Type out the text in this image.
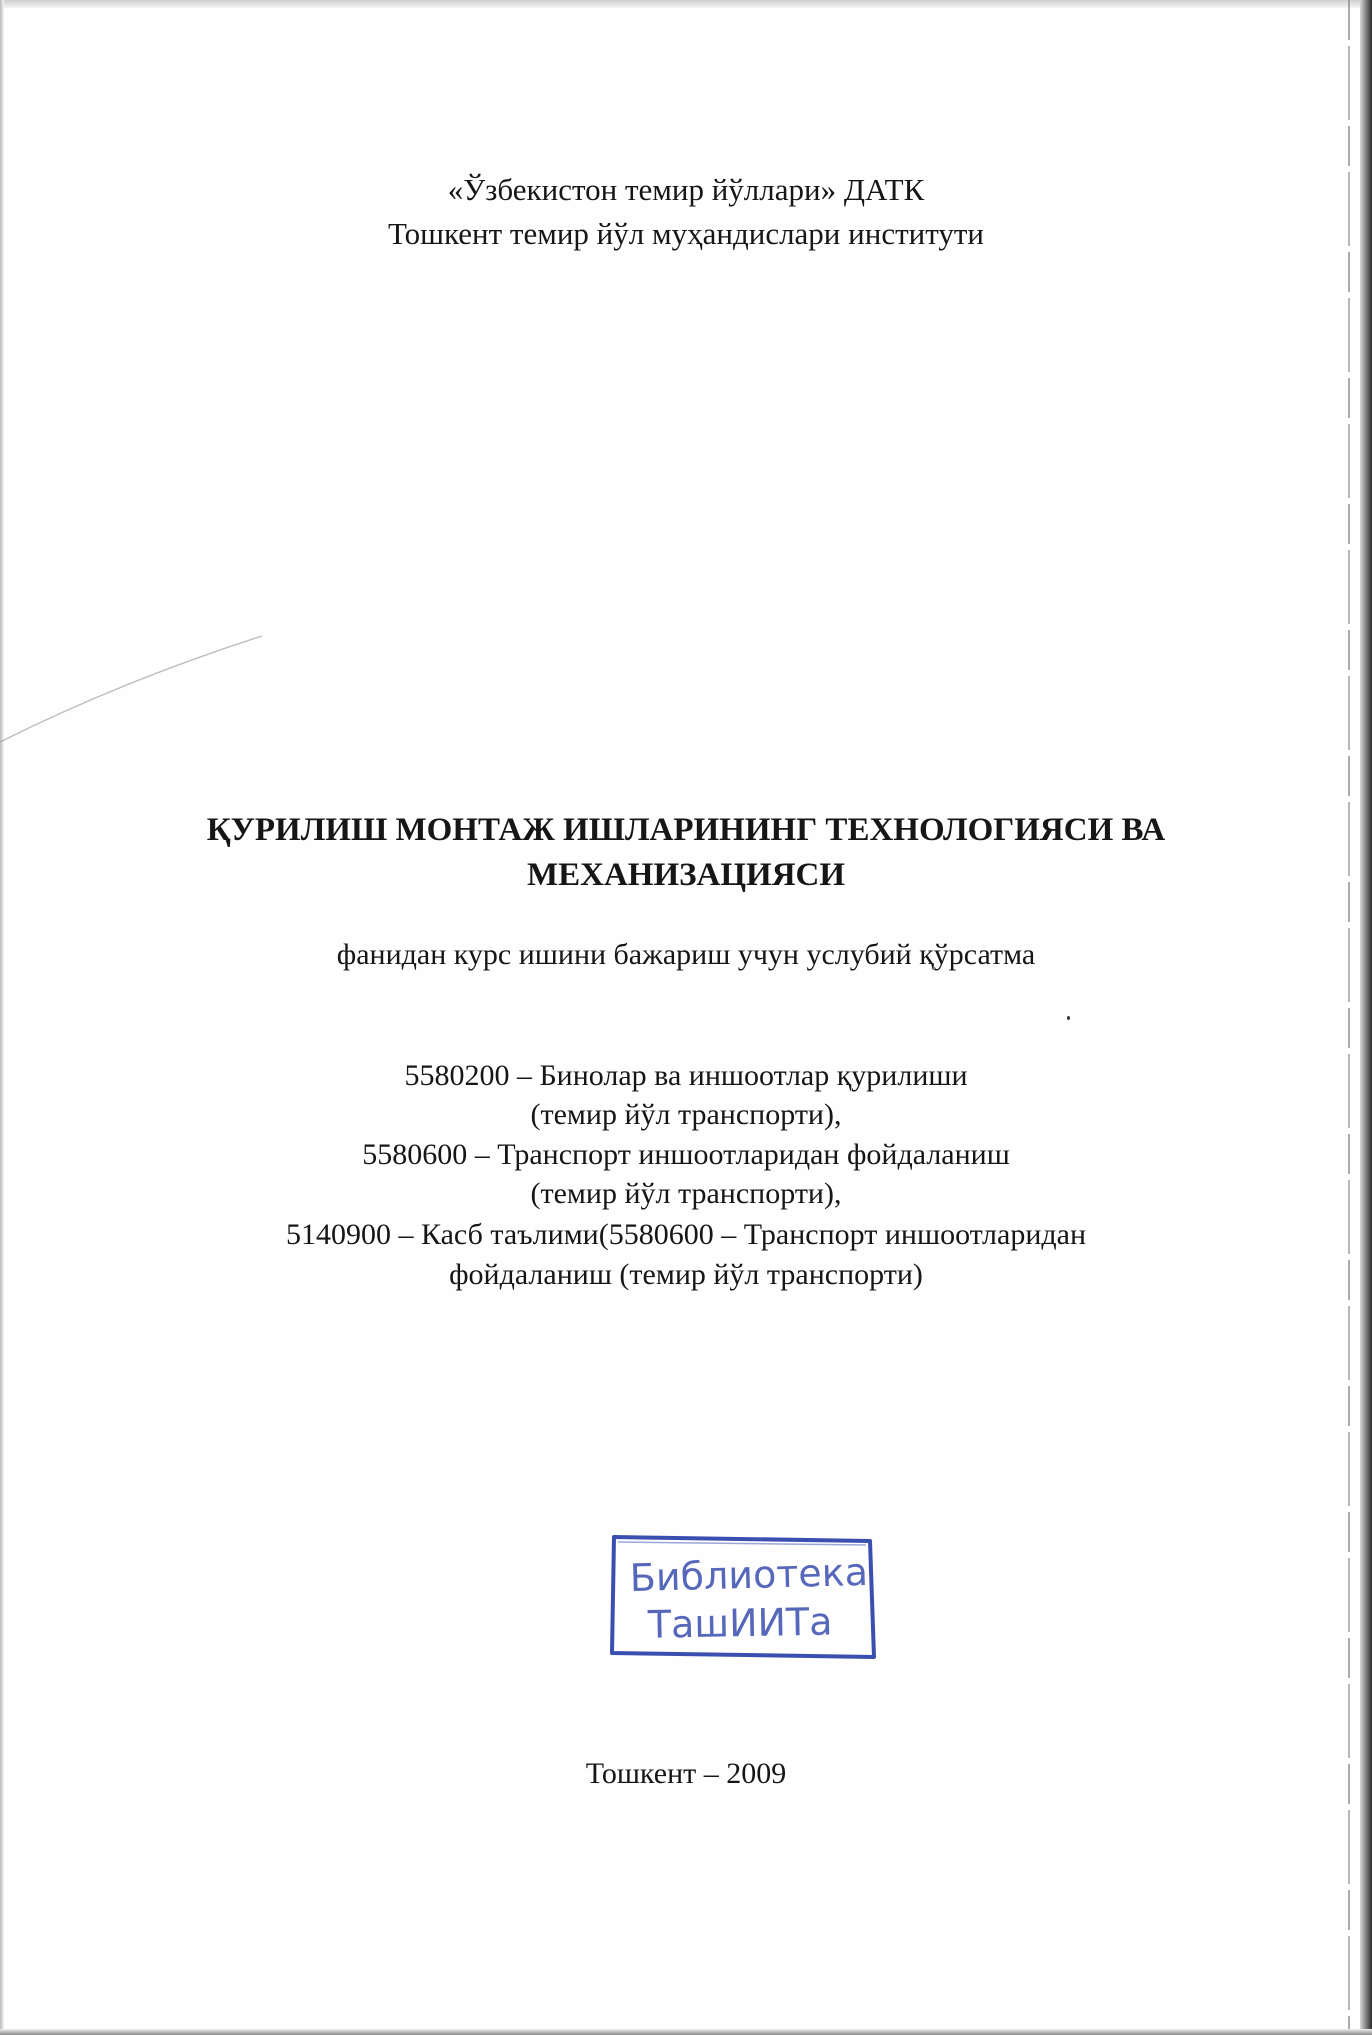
«Ўзбекистон темир йўллари» ДАТК
Тошкент темир йўл муҳандислари институти
ҚУРИЛИШ МОНТАЖ ИШЛАРИНИНГ ТЕХНОЛОГИЯСИ ВА
МЕХАНИЗАЦИЯСИ
фанидан курс ишини бажариш учун услубий қўрсатма
5580200 – Бинолар ва иншоотлар қурилиши
(темир йўл транспорти),
5580600 – Транспорт иншоотларидан фойдаланиш
(темир йўл транспорти),
5140900 – Касб таълими(5580600 – Транспорт иншоотларидан
фойдаланиш (темир йўл транспорти)
Библиотека
ТашИИТа
Тошкент – 2009
